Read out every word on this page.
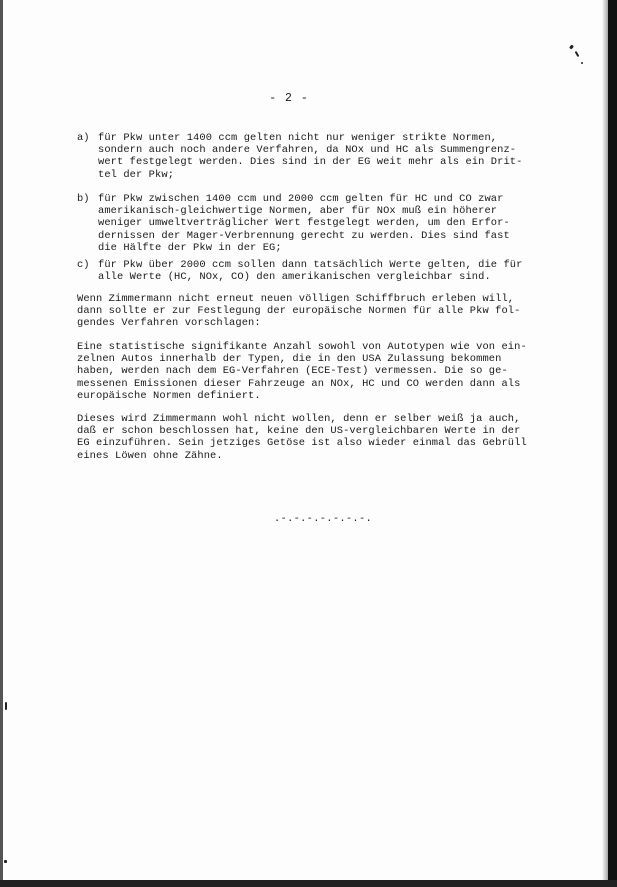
- 2 -
a) für Pkw unter 1400 ccm gelten nicht nur weniger strikte Normen,
sondern auch noch andere Verfahren, da NOx und HC als Summengrenz-
wert festgelegt werden. Dies sind in der EG weit mehr als ein Drit-
tel der Pkw;
b) für Pkw zwischen 1400 ccm und 2000 ccm gelten für HC und CO zwar
amerikanisch-gleichwertige Normen, aber für NOx muß ein höherer
weniger umweltverträglicher Wert festgelegt werden, um den Erfor-
dernissen der Mager-Verbrennung gerecht zu werden. Dies sind fast
die Hälfte der Pkw in der EG;
c) für Pkw über 2000 ccm sollen dann tatsächlich Werte gelten, die für
alle Werte (HC, NOx, CO) den amerikanischen vergleichbar sind.

Wenn Zimmermann nicht erneut neuen völligen Schiffbruch erleben will,
dann sollte er zur Festlegung der europäische Normen für alle Pkw fol-
gendes Verfahren vorschlagen:

Eine statistische signifikante Anzahl sowohl von Autotypen wie von ein-
zelnen Autos innerhalb der Typen, die in den USA Zulassung bekommen
haben, werden nach dem EG-Verfahren (ECE-Test) vermessen. Die so ge-
messenen Emissionen dieser Fahrzeuge an NOx, HC und CO werden dann als
europäische Normen definiert.

Dieses wird Zimmermann wohl nicht wollen, denn er selber weiß ja auch,
daß er schon beschlossen hat, keine den US-vergleichbaren Werte in der
EG einzuführen. Sein jetziges Getöse ist also wieder einmal das Gebrüll
eines Löwen ohne Zähne.

.-.-.-.-.-.-.-.
